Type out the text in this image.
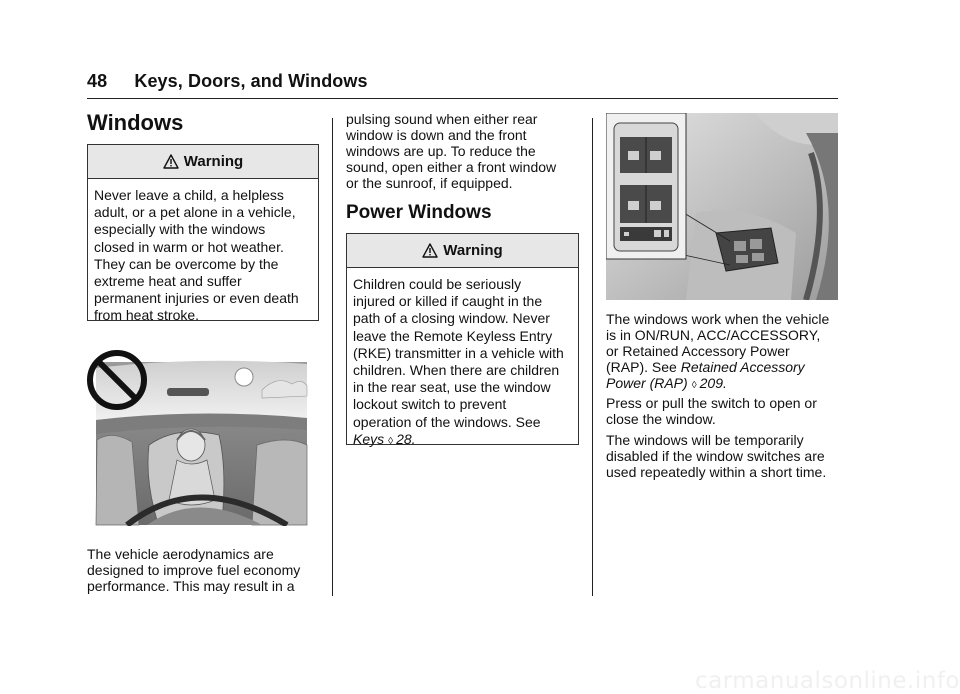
48 Keys, Doors, and Windows
Windows
Warning
Never leave a child, a helpless
adult, or a pet alone in a vehicle,
especially with the windows
closed in warm or hot weather.
They can be overcome by the
extreme heat and suffer
permanent injuries or even death
from heat stroke.
The vehicle aerodynamics are
designed to improve fuel economy
performance. This may result in a
pulsing sound when either rear
window is down and the front
windows are up. To reduce the
sound, open either a front window
or the sunroof, if equipped.
Power Windows
Warning
Children could be seriously
injured or killed if caught in the
path of a closing window. Never
leave the Remote Keyless Entry
(RKE) transmitter in a vehicle with
children. When there are children
in the rear seat, use the window
lockout switch to prevent
operation of the windows. See
Keys ◊ 28.
The windows work when the vehicle
is in ON/RUN, ACC/ACCESSORY,
or Retained Accessory Power
(RAP). See Retained Accessory
Power (RAP) ◊ 209.
Press or pull the switch to open or
close the window.
The windows will be temporarily
disabled if the window switches are
used repeatedly within a short time.
carmanualsonline.info
